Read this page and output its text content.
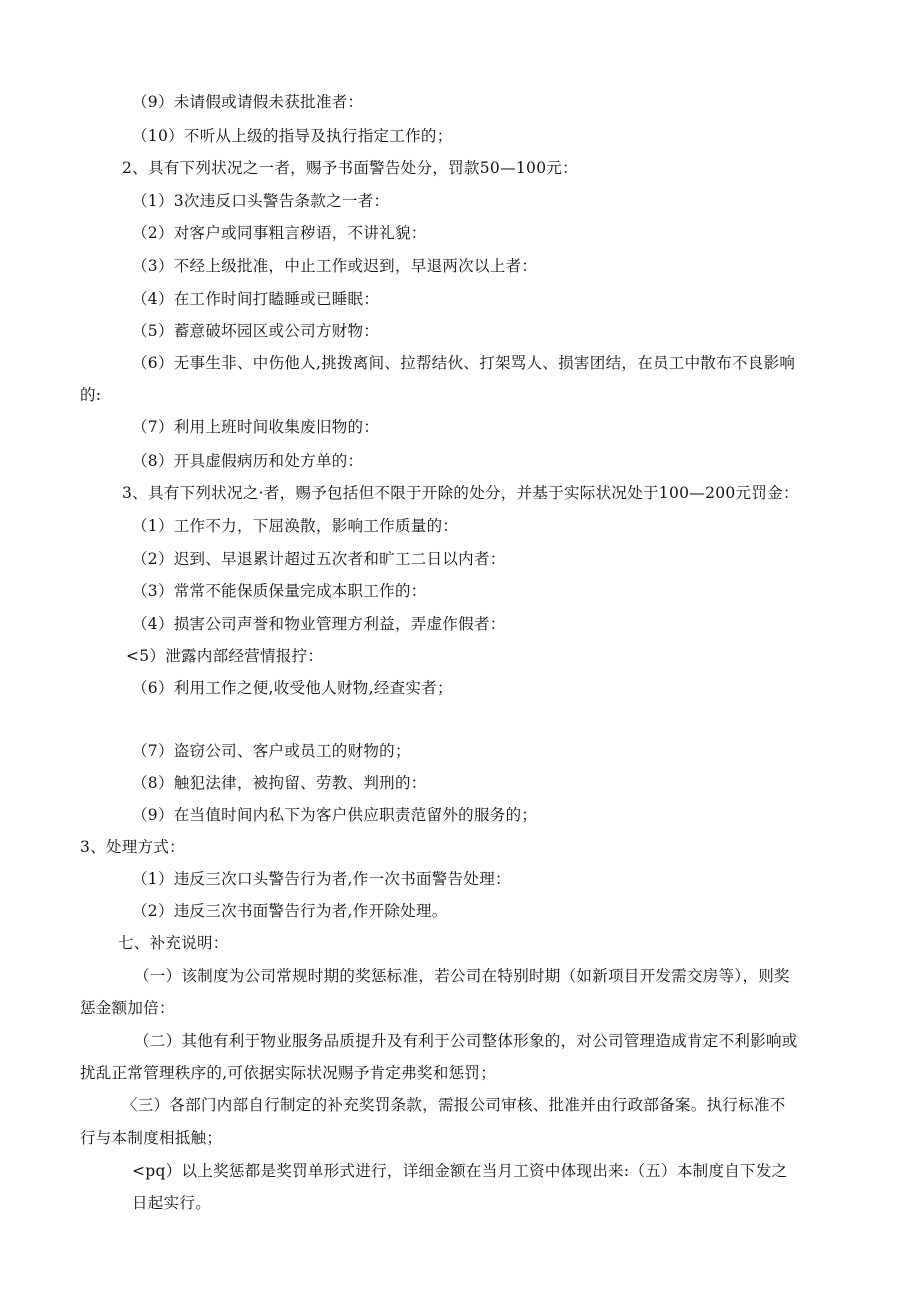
（9）未请假或请假未获批准者：
（10）不听从上级的指导及执行指定工作的；
2、具有下列状况之一者，赐予书面警告处分，罚款50—100元：
（1）3次违反口头警告条款之一者：
（2）对客户或同事粗言秽语，不讲礼貌：
（3）不经上级批准，中止工作或迟到，早退两次以上者：
（4）在工作时间打瞌睡或已睡眠：
（5）蓄意破坏园区或公司方财物：
（6）无事生非、中伤他人,挑拨离间、拉帮结伙、打架骂人、损害团结，在员工中散布不良影响
的:
（7）利用上班时间收集废旧物的：
（8）开具虚假病历和处方单的：
3、具有下列状况之·者，赐予包括但不限于开除的处分，并基于实际状况处于100—200元罚金：
（1）工作不力，下屈涣散，影响工作质量的：
（2）迟到、早退累计超过五次者和旷工二日以内者：
（3）常常不能保质保量完成本职工作的：
（4）损害公司声誉和物业管理方利益，弄虚作假者：
<5）泄露内部经营情报拧：
（6）利用工作之便,收受他人财物,经查实者；
（7）盗窃公司、客户或员工的财物的；
（8）触犯法律，被拘留、劳教、判刑的：
（9）在当值时间内私下为客户供应职责范留外的服务的；
3、处理方式：
（1）违反三次口头警告行为者,作一次书面警告处理：
（2）违反三次书面警告行为者,作开除处理。
七、补充说明：
（一）该制度为公司常规时期的奖惩标准，若公司在特别时期（如新项目开发需交房等），则奖
惩金额加倍：
（二）其他有利于物业服务品质提升及有利于公司整体形象的，对公司管理造成肯定不利影响或
扰乱正常管理秩序的,可依据实际状况赐予肯定弗奖和惩罚；
〈三）各部门内部自行制定的补充奖罚条款，需报公司审核、批准并由行政部备案。执行标准不
行与本制度相抵触；
<pq）以上奖惩都是奖罚单形式进行，详细金额在当月工资中体现出来:（五）本制度自下发之
日起实行。
